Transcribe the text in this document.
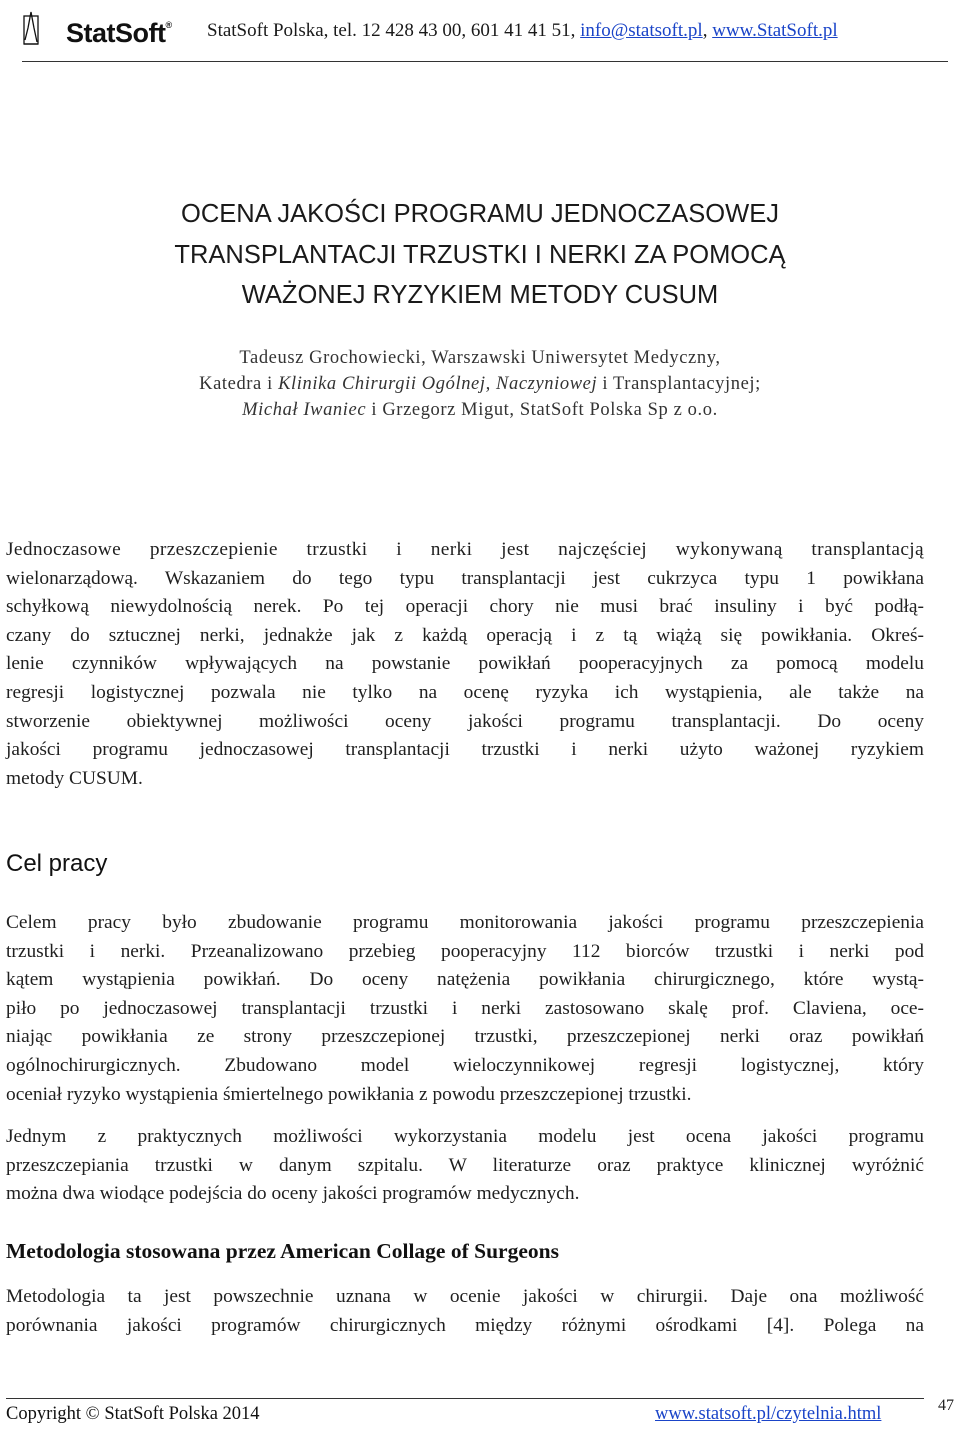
StatSoft® StatSoft Polska, tel. 12 428 43 00, 601 41 41 51, info@statsoft.pl, www.StatSoft.pl
OCENA JAKOŚCI PROGRAMU JEDNOCZASOWEJ
TRANSPLANTACJI TRZUSTKI I NERKI ZA POMOCĄ
WAŻONEJ RYZYKIEM METODY CUSUM
Tadeusz Grochowiecki, Warszawski Uniwersytet Medyczny,
Katedra i Klinika Chirurgii Ogólnej, Naczyniowej i Transplantacyjnej;
Michał Iwaniec i Grzegorz Migut, StatSoft Polska Sp z o.o.
Jednoczasowe przeszczepienie trzustki i nerki jest najczęściej wykonywaną transplantacją
wielonarządową. Wskazaniem do tego typu transplantacji jest cukrzyca typu 1 powikłana
schyłkową niewydolnością nerek. Po tej operacji chory nie musi brać insuliny i być podłą-
czany do sztucznej nerki, jednakże jak z każdą operacją i z tą wiążą się powikłania. Okreś-
lenie czynników wpływających na powstanie powikłań pooperacyjnych za pomocą modelu
regresji logistycznej pozwala nie tylko na ocenę ryzyka ich wystąpienia, ale także na
stworzenie obiektywnej możliwości oceny jakości programu transplantacji. Do oceny
jakości programu jednoczasowej transplantacji trzustki i nerki użyto ważonej ryzykiem
metody CUSUM.
Cel pracy
Celem pracy było zbudowanie programu monitorowania jakości programu przeszczepienia
trzustki i nerki. Przeanalizowano przebieg pooperacyjny 112 biorców trzustki i nerki pod
kątem wystąpienia powikłań. Do oceny natężenia powikłania chirurgicznego, które wystą-
piło po jednoczasowej transplantacji trzustki i nerki zastosowano skalę prof. Claviena, oce-
niając powikłania ze strony przeszczepionej trzustki, przeszczepionej nerki oraz powikłań
ogólnochirurgicznych. Zbudowano model wieloczynnikowej regresji logistycznej, który
oceniał ryzyko wystąpienia śmiertelnego powikłania z powodu przeszczepionej trzustki.
Jednym z praktycznych możliwości wykorzystania modelu jest ocena jakości programu
przeszczepiania trzustki w danym szpitalu. W literaturze oraz praktyce klinicznej wyróżnić
można dwa wiodące podejścia do oceny jakości programów medycznych.
Metodologia stosowana przez American Collage of Surgeons
Metodologia ta jest powszechnie uznana w ocenie jakości w chirurgii. Daje ona możliwość
porównania jakości programów chirurgicznych między różnymi ośrodkami [4]. Polega na
Copyright © StatSoft Polska 2014	www.statsoft.pl/czytelnia.html	47
